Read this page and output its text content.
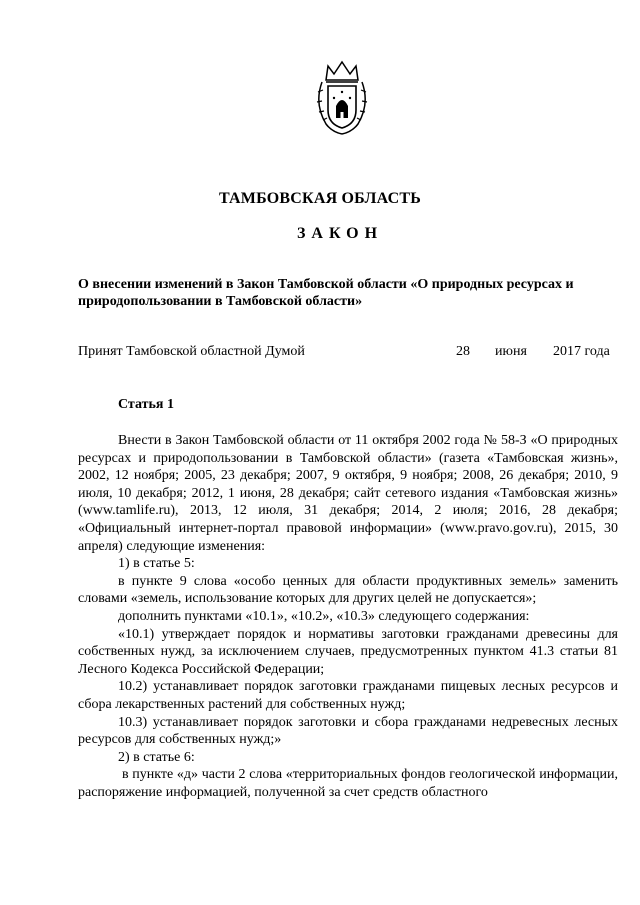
ТАМБОВСКАЯ ОБЛАСТЬ
ЗАКОН
О внесении изменений в Закон Тамбовской области «О природных ресурсах и природопользовании в Тамбовской области»
Принят Тамбовской областной Думой	28 июня 2017 года
Статья 1

Внести в Закон Тамбовской области от 11 октября 2002 года № 58-З «О природных ресурсах и природопользовании в Тамбовской области» (газета «Тамбовская жизнь», 2002, 12 ноября; 2005, 23 декабря; 2007, 9 октября, 9 ноября; 2008, 26 декабря; 2010, 9 июля, 10 декабря; 2012, 1 июня, 28 декабря; сайт сетевого издания «Тамбовская жизнь» (www.tamlife.ru), 2013, 12 июля, 31 декабря; 2014, 2 июля; 2016, 28 декабря; «Официальный интернет-портал правовой информации» (www.pravo.gov.ru), 2015, 30 апреля) следующие изменения:

1) в статье 5:

в пункте 9 слова «особо ценных для области продуктивных земель» заменить словами «земель, использование которых для других целей не допускается»;

дополнить пунктами «10.1», «10.2», «10.3» следующего содержания:

«10.1) утверждает порядок и нормативы заготовки гражданами древесины для собственных нужд, за исключением случаев, предусмотренных пунктом 41.3 статьи 81 Лесного Кодекса Российской Федерации;

10.2) устанавливает порядок заготовки гражданами пищевых лесных ресурсов и сбора лекарственных растений для собственных нужд;

10.3) устанавливает порядок заготовки и сбора гражданами недревесных лесных ресурсов для собственных нужд;»

2) в статье 6:

в пункте «д» части 2 слова «территориальных фондов геологической информации, распоряжение информацией, полученной за счет средств областного
